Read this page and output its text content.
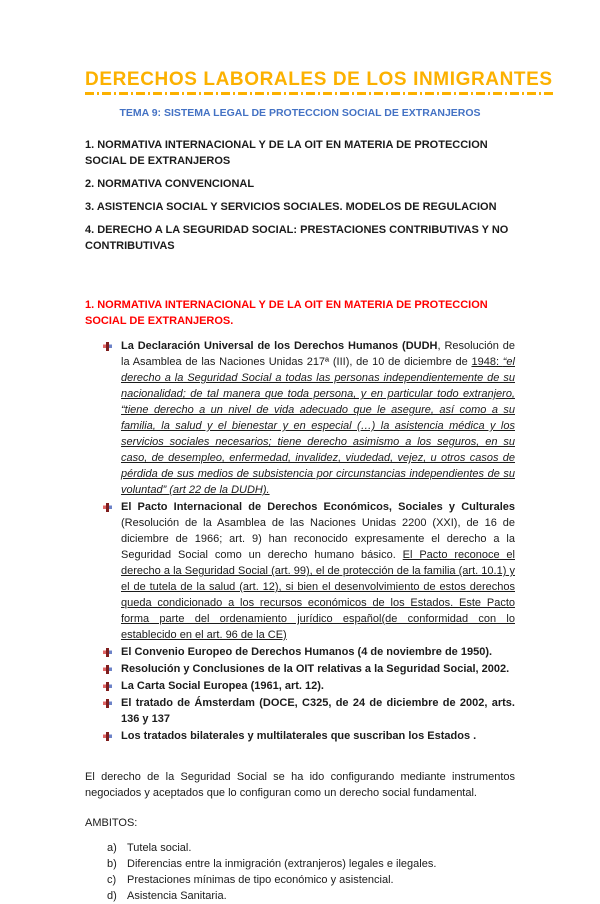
DERECHOS LABORALES DE LOS INMIGRANTES
TEMA 9: SISTEMA LEGAL DE PROTECCION SOCIAL DE EXTRANJEROS

1. NORMATIVA INTERNACIONAL Y DE LA OIT EN MATERIA DE PROTECCION SOCIAL DE EXTRANJEROS

2. NORMATIVA CONVENCIONAL

3. ASISTENCIA SOCIAL Y SERVICIOS SOCIALES. MODELOS DE REGULACION

4. DERECHO A LA SEGURIDAD SOCIAL: PRESTACIONES CONTRIBUTIVAS Y NO CONTRIBUTIVAS

1. NORMATIVA INTERNACIONAL Y DE LA OIT EN MATERIA DE PROTECCION SOCIAL DE EXTRANJEROS.
La Declaración Universal de los Derechos Humanos (DUDH, Resolución de la Asamblea de las Naciones Unidas 217ª (III), de 10 de diciembre de 1948: “el derecho a la Seguridad Social a todas las personas independientemente de su nacionalidad; de tal manera que toda persona, y en particular todo extranjero, “tiene derecho a un nivel de vida adecuado que le asegure, así como a su familia, la salud y el bienestar y en especial (…) la asistencia médica y los servicios sociales necesarios; tiene derecho asimismo a los seguros, en su caso, de desempleo, enfermedad, invalidez, viudedad, vejez, u otros casos de pérdida de sus medios de subsistencia por circunstancias independientes de su voluntad” (art 22 de la DUDH).
El Pacto Internacional de Derechos Económicos, Sociales y Culturales (Resolución de la Asamblea de las Naciones Unidas 2200 (XXI), de 16 de diciembre de 1966; art. 9) han reconocido expresamente el derecho a la Seguridad Social como un derecho humano básico. El Pacto reconoce el derecho a la Seguridad Social (art. 99), el de protección de la familia (art. 10.1) y el de tutela de la salud (art. 12), si bien el desenvolvimiento de estos derechos queda condicionado a los recursos económicos de los Estados. Este Pacto forma parte del ordenamiento jurídico español(de conformidad con lo establecido en el art. 96 de la CE)
El Convenio Europeo de Derechos Humanos (4 de noviembre de 1950).
Resolución y Conclusiones de la OIT relativas a la Seguridad Social, 2002.
La Carta Social Europea (1961, art. 12).
El tratado de Ámsterdam (DOCE, C325, de 24 de diciembre de 2002, arts. 136 y 137
Los tratados bilaterales y multilaterales que suscriban los Estados .

El derecho de la Seguridad Social se ha ido configurando mediante instrumentos negociados y aceptados que lo configuran como un derecho social fundamental.

AMBITOS:

a) Tutela social.
b) Diferencias entre la inmigración (extranjeros) legales e ilegales.
c) Prestaciones mínimas de tipo económico y asistencial.
d) Asistencia Sanitaria.
